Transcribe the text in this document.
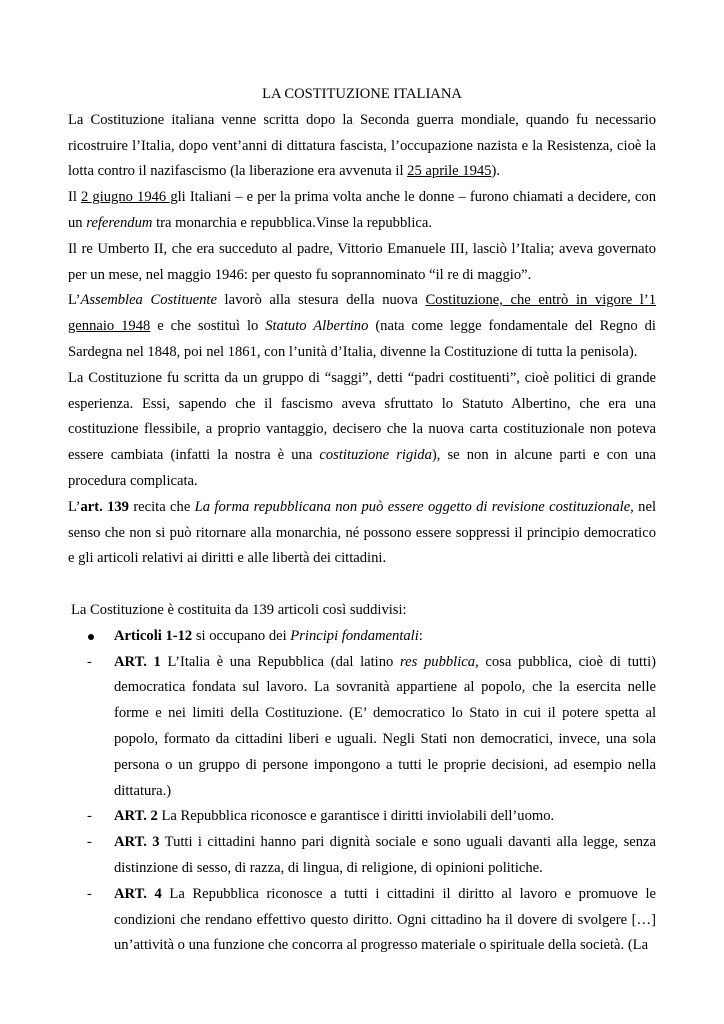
LA COSTITUZIONE ITALIANA

La Costituzione italiana venne scritta dopo la Seconda guerra mondiale, quando fu necessario ricostruire l’Italia, dopo vent’anni di dittatura fascista, l’occupazione nazista e la Resistenza, cioè la lotta contro il nazifascismo (la liberazione era avvenuta il 25 aprile 1945).

Il 2 giugno 1946 gli Italiani – e per la prima volta anche le donne – furono chiamati a decidere, con un referendum tra monarchia e repubblica.Vinse la repubblica.

Il re Umberto II, che era succeduto al padre, Vittorio Emanuele III, lasciò l’Italia; aveva governato per un mese, nel maggio 1946: per questo fu soprannominato “il re di maggio”.

L’Assemblea Costituente lavorò alla stesura della nuova Costituzione, che entrò in vigore l’1 gennaio 1948 e che sostituì lo Statuto Albertino (nata come legge fondamentale del Regno di Sardegna nel 1848, poi nel 1861, con l’unità d’Italia, divenne la Costituzione di tutta la penisola).

La Costituzione fu scritta da un gruppo di “saggi”, detti “padri costituenti”, cioè politici di grande esperienza. Essi, sapendo che il fascismo aveva sfruttato lo Statuto Albertino, che era una costituzione flessibile, a proprio vantaggio, decisero che la nuova carta costituzionale non poteva essere cambiata (infatti la nostra è una costituzione rigida), se non in alcune parti e con una procedura complicata.

L’art. 139 recita che La forma repubblicana non può essere oggetto di revisione costituzionale, nel senso che non si può ritornare alla monarchia, né possono essere soppressi il principio democratico e gli articoli relativi ai diritti e alle libertà dei cittadini.

La Costituzione è costituita da 139 articoli così suddivisi:

Articoli 1-12 si occupano dei Principi fondamentali:
- ART. 1 L’Italia è una Repubblica (dal latino res pubblica, cosa pubblica, cioè di tutti) democratica fondata sul lavoro. La sovranità appartiene al popolo, che la esercita nelle forme e nei limiti della Costituzione. (E’ democratico lo Stato in cui il potere spetta al popolo, formato da cittadini liberi e uguali. Negli Stati non democratici, invece, una sola persona o un gruppo di persone impongono a tutti le proprie decisioni, ad esempio nella dittatura.)
- ART. 2 La Repubblica riconosce e garantisce i diritti inviolabili dell’uomo.
- ART. 3 Tutti i cittadini hanno pari dignità sociale e sono uguali davanti alla legge, senza distinzione di sesso, di razza, di lingua, di religione, di opinioni politiche.
- ART. 4 La Repubblica riconosce a tutti i cittadini il diritto al lavoro e promuove le condizioni che rendano effettivo questo diritto. Ogni cittadino ha il dovere di svolgere […] un’attività o una funzione che concorra al progresso materiale o spirituale della società. (La
